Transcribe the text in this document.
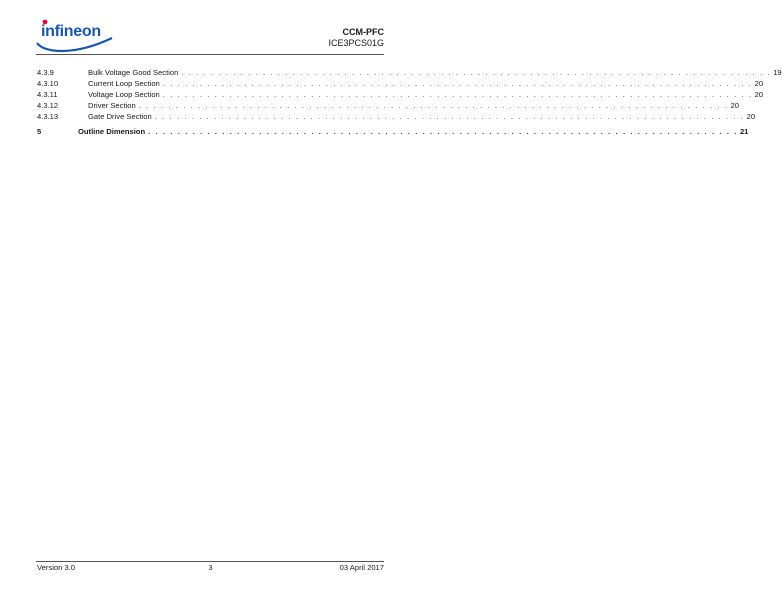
infineon	CCM-PFC
ICE3PCS01G
4.3.9	Bulk Voltage Good Section . . . . . . . . . . . . . . . . . . . . . . . . . . . . . . . . . . . . . . . . . . . . . . . . . . . . . . . . . . . . . . . . . . . . . . . . . . . . . . . . 19
4.3.10	Current Loop Section . . . . . . . . . . . . . . . . . . . . . . . . . . . . . . . . . . . . . . . . . . . . . . . . . . . . . . . . . . . . . . . . . . . . . . . . . . . . . . . . 20
4.3.11	Voltage Loop Section . . . . . . . . . . . . . . . . . . . . . . . . . . . . . . . . . . . . . . . . . . . . . . . . . . . . . . . . . . . . . . . . . . . . . . . . . . . . . . . . 20
4.3.12	Driver Section . . . . . . . . . . . . . . . . . . . . . . . . . . . . . . . . . . . . . . . . . . . . . . . . . . . . . . . . . . . . . . . . . . . . . . . . . . . . . . . . 20
4.3.13	Gate Drive Section . . . . . . . . . . . . . . . . . . . . . . . . . . . . . . . . . . . . . . . . . . . . . . . . . . . . . . . . . . . . . . . . . . . . . . . . . . . . . . . . 20
5	Outline Dimension . . . . . . . . . . . . . . . . . . . . . . . . . . . . . . . . . . . . . . . . . . . . . . . . . . . . . . . . . . . . . . . . . . . . . . . . . . . . . . . . 21
Version 3.0	3	03 April 2017
